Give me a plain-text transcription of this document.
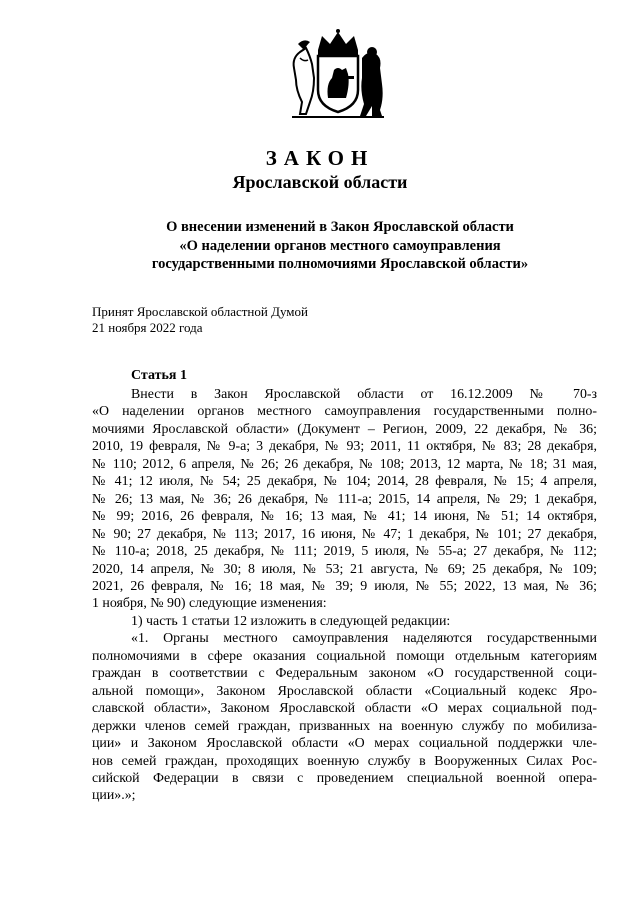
ЗАКОН
Ярославской области
О внесении изменений в Закон Ярославской области
«О наделении органов местного самоуправления
государственными полномочиями Ярославской области»
Принят Ярославской областной Думой
21 ноября 2022 года
Статья 1
Внести в Закон Ярославской области от 16.12.2009 № 70-з
«О наделении органов местного самоуправления государственными полно-
мочиями Ярославской области» (Документ – Регион, 2009, 22 декабря, № 36;
2010, 19 февраля, № 9-а; 3 декабря, № 93; 2011, 11 октября, № 83; 28 декабря,
№ 110; 2012, 6 апреля, № 26; 26 декабря, № 108; 2013, 12 марта, № 18; 31 мая,
№ 41; 12 июля, № 54; 25 декабря, № 104; 2014, 28 февраля, № 15; 4 апреля,
№ 26; 13 мая, № 36; 26 декабря, № 111-а; 2015, 14 апреля, № 29; 1 декабря,
№ 99; 2016, 26 февраля, № 16; 13 мая, № 41; 14 июня, № 51; 14 октября,
№ 90; 27 декабря, № 113; 2017, 16 июня, № 47; 1 декабря, № 101; 27 декабря,
№ 110-а; 2018, 25 декабря, № 111; 2019, 5 июля, № 55-а; 27 декабря, № 112;
2020, 14 апреля, № 30; 8 июля, № 53; 21 августа, № 69; 25 декабря, № 109;
2021, 26 февраля, № 16; 18 мая, № 39; 9 июля, № 55; 2022, 13 мая, № 36;
1 ноября, № 90) следующие изменения:
1) часть 1 статьи 12 изложить в следующей редакции:
«1. Органы местного самоуправления наделяются государственными
полномочиями в сфере оказания социальной помощи отдельным категориям
граждан в соответствии с Федеральным законом «О государственной соци-
альной помощи», Законом Ярославской области «Социальный кодекс Яро-
славской области», Законом Ярославской области «О мерах социальной под-
держки членов семей граждан, призванных на военную службу по мобилиза-
ции» и Законом Ярославской области «О мерах социальной поддержки чле-
нов семей граждан, проходящих военную службу в Вооруженных Силах Рос-
сийской Федерации в связи с проведением специальной военной опера-
ции».»;
